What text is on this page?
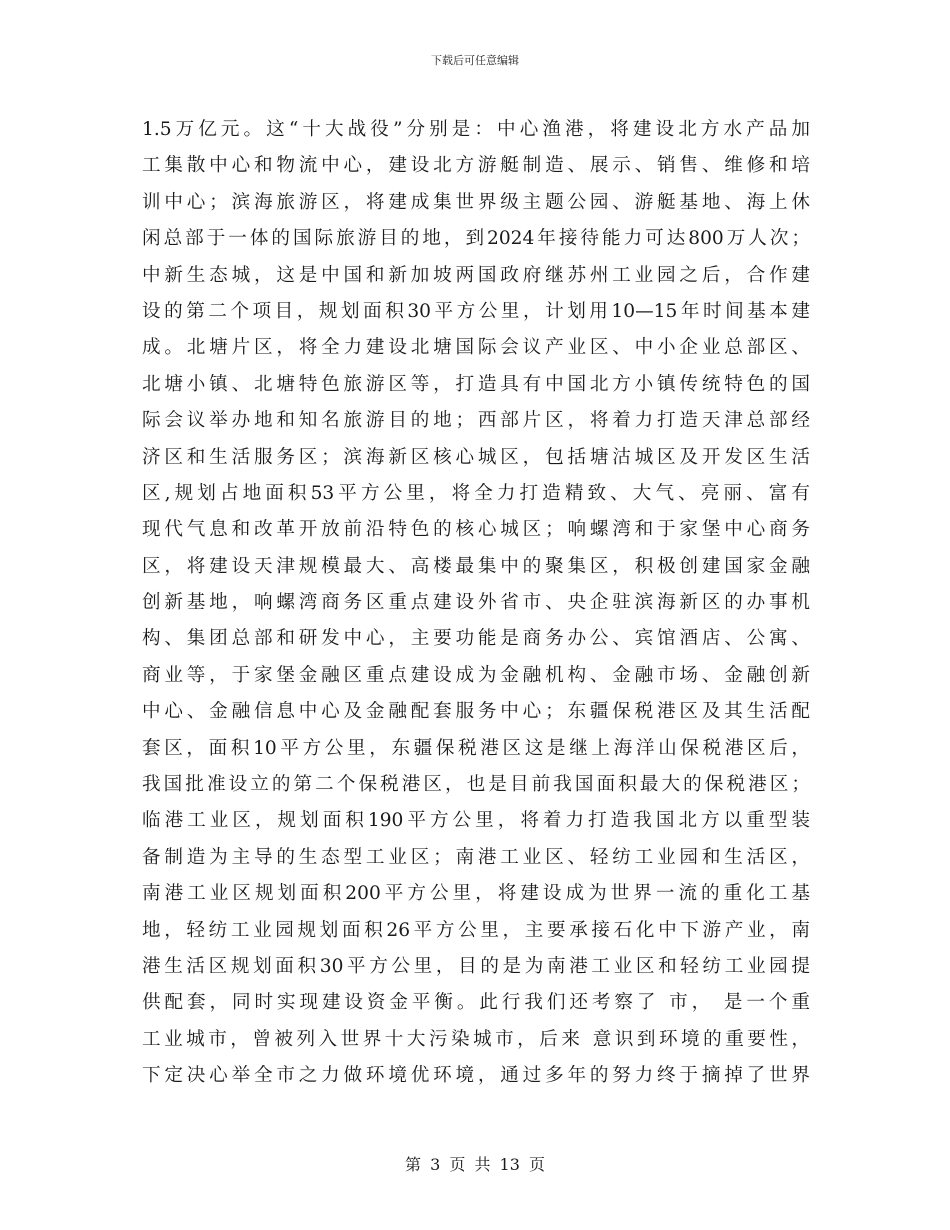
下载后可任意编辑
1.5万亿元。这“十大战役”分别是：中心渔港，将建设北方水产品加
工集散中心和物流中心，建设北方游艇制造、展示、销售、维修和培
训中心；滨海旅游区，将建成集世界级主题公园、游艇基地、海上休
闲总部于一体的国际旅游目的地，到2024年接待能力可达800万人次；
中新生态城，这是中国和新加坡两国政府继苏州工业园之后，合作建
设的第二个项目，规划面积30平方公里，计划用10—15年时间基本建
成。北塘片区，将全力建设北塘国际会议产业区、中小企业总部区、
北塘小镇、北塘特色旅游区等，打造具有中国北方小镇传统特色的国
际会议举办地和知名旅游目的地；西部片区，将着力打造天津总部经
济区和生活服务区；滨海新区核心城区，包括塘沽城区及开发区生活
区,规划占地面积53平方公里，将全力打造精致、大气、亮丽、富有
现代气息和改革开放前沿特色的核心城区；响螺湾和于家堡中心商务
区，将建设天津规模最大、高楼最集中的聚集区，积极创建国家金融
创新基地，响螺湾商务区重点建设外省市、央企驻滨海新区的办事机
构、集团总部和研发中心，主要功能是商务办公、宾馆酒店、公寓、
商业等，于家堡金融区重点建设成为金融机构、金融市场、金融创新
中心、金融信息中心及金融配套服务中心；东疆保税港区及其生活配
套区，面积10平方公里，东疆保税港区这是继上海洋山保税港区后，
我国批准设立的第二个保税港区，也是目前我国面积最大的保税港区；
临港工业区，规划面积190平方公里，将着力打造我国北方以重型装
备制造为主导的生态型工业区；南港工业区、轻纺工业园和生活区，
南港工业区规划面积200平方公里，将建设成为世界一流的重化工基
地，轻纺工业园规划面积26平方公里，主要承接石化中下游产业，南
港生活区规划面积30平方公里，目的是为南港工业区和轻纺工业园提
供配套，同时实现建设资金平衡。此行我们还考察了 市， 是一个重
工业城市，曾被列入世界十大污染城市，后来 意识到环境的重要性，
下定决心举全市之力做环境优环境，通过多年的努力终于摘掉了世界
第 3 页 共 13 页
